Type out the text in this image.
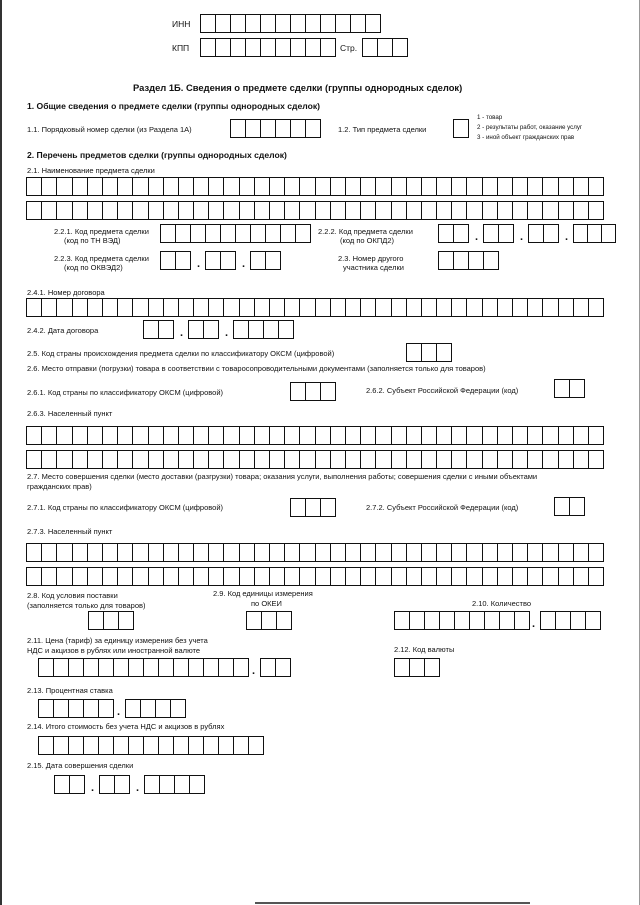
ИНН
КПП	Стр.
Раздел 1Б. Сведения о предмете сделки (группы однородных сделок)
1. Общие сведения о предмете сделки (группы однородных сделок)
1.1. Порядковый номер сделки (из Раздела 1А)	1.2. Тип предмета сделки
1 - товар
2 - результаты работ, оказание услуг
3 - иной объект гражданских прав
2. Перечень предметов сделки (группы однородных сделок)
2.1. Наименование предмета сделки
2.2.1. Код предмета сделки
(код по ТН ВЭД)
2.2.2. Код предмета сделки
(код по ОКПД2)	.	.	.
2.2.3. Код предмета сделки
(код по ОКВЭД2)	.	.	2.3. Номер другого
участника сделки
2.4.1. Номер договора
2.4.2. Дата договора	.	.
2.5. Код страны происхождения предмета сделки по классификатору ОКСМ (цифровой)
2.6. Место отправки (погрузки) товара в соответствии с товаросопроводительными документами (заполняется только для товаров)
2.6.1. Код страны по классификатору ОКСМ (цифровой)	2.6.2. Субъект Российской Федерации (код)
2.6.3. Населенный пункт
2.7. Место совершения сделки (место доставки (разгрузки) товара; оказания услуги, выполнения работы; совершения сделки с иными объектами
гражданских прав)
2.7.1. Код страны по классификатору ОКСМ (цифровой)	2.7.2. Субъект Российской Федерации (код)
2.7.3. Населенный пункт
2.8. Код условия поставки
(заполняется только для товаров)
2.9. Код единицы измерения
по ОКЕИ	2.10. Количество
.
2.11. Цена (тариф) за единицу измерения без учета
НДС и акцизов в рублях или иностранной валюте
.
2.12. Код валюты
2.13. Процентная ставка
.
2.14. Итого стоимость без учета НДС и акцизов в рублях
2.15. Дата совершения сделки
.	.
